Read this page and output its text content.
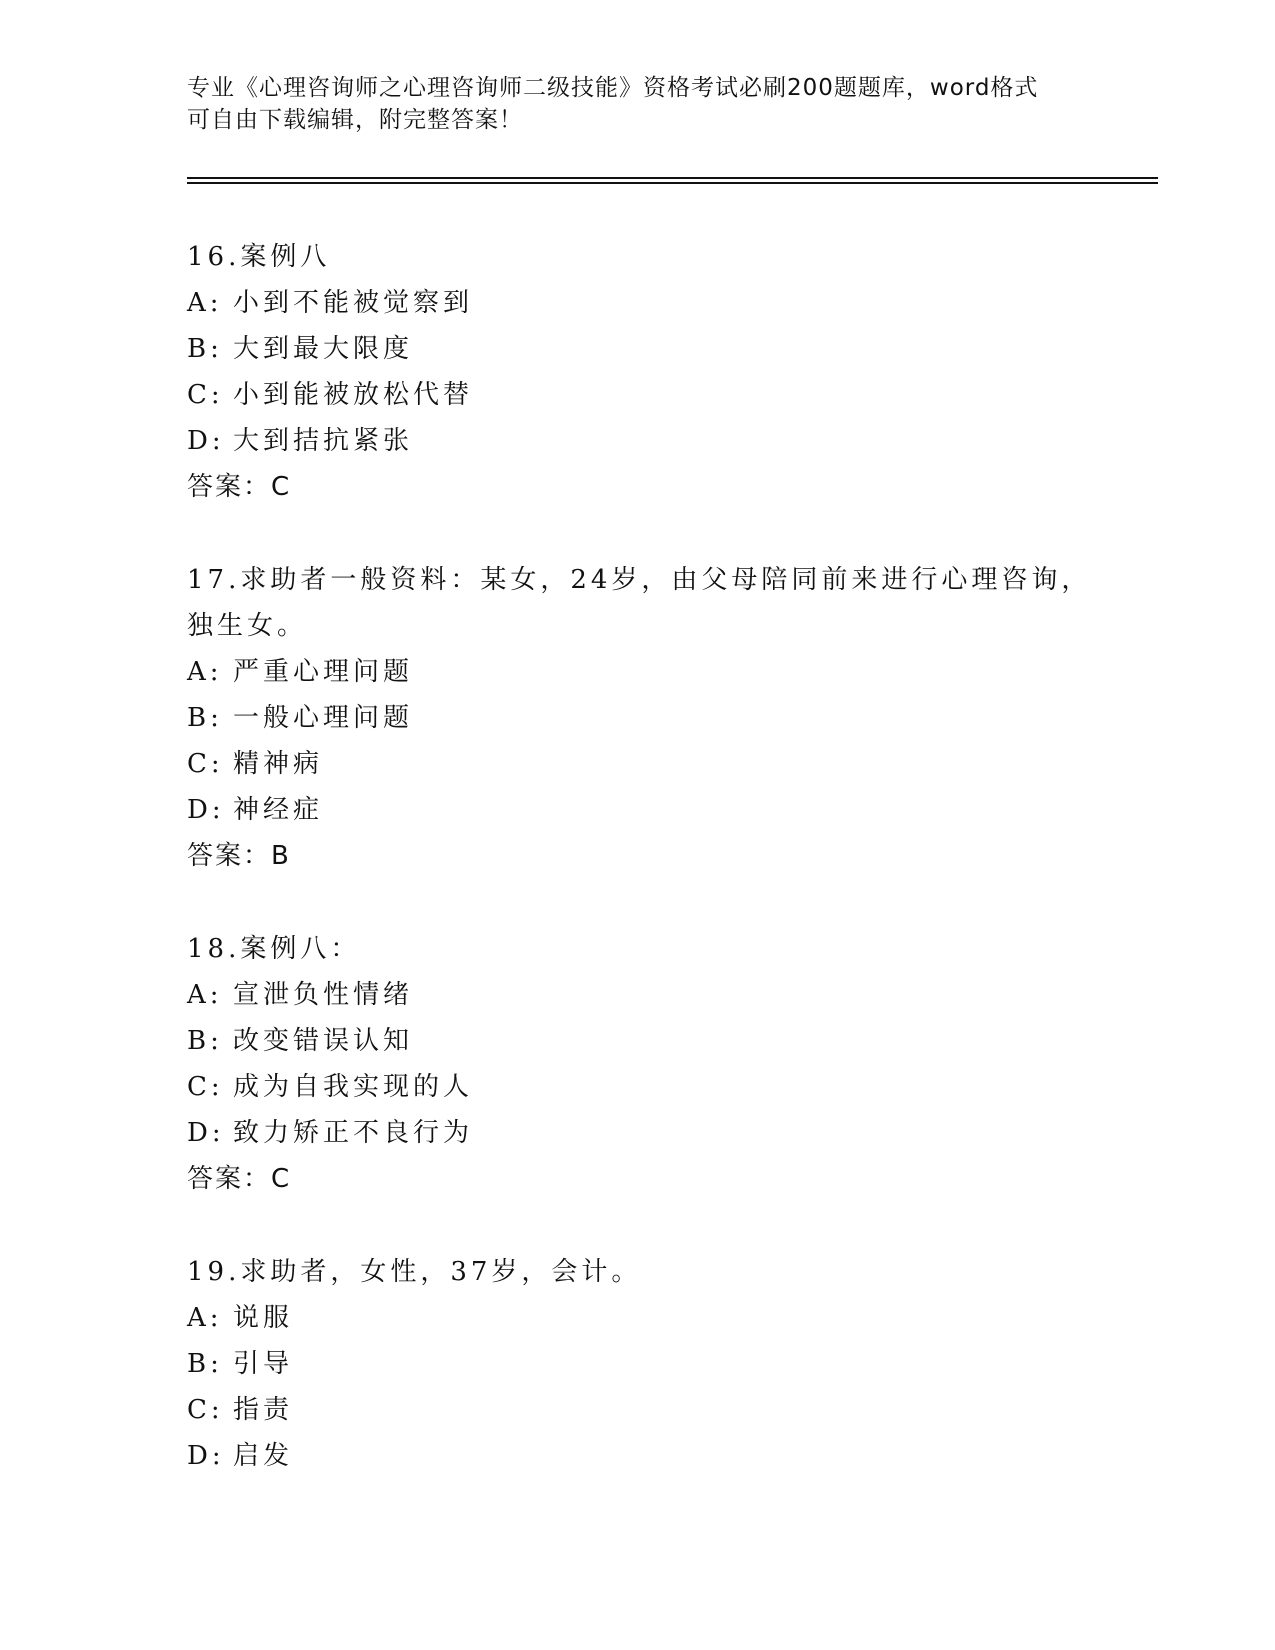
专业《心理咨询师之心理咨询师二级技能》资格考试必刷200题题库，word格式
可自由下载编辑，附完整答案！
16.案例八
A: 小到不能被觉察到
B: 大到最大限度
C: 小到能被放松代替
D: 大到拮抗紧张
答案：C
17.求助者一般资料：某女，24岁，由父母陪同前来进行心理咨询，独生女。
A: 严重心理问题
B: 一般心理问题
C: 精神病
D: 神经症
答案：B
18.案例八：
A: 宣泄负性情绪
B: 改变错误认知
C: 成为自我实现的人
D: 致力矫正不良行为
答案：C
19.求助者，女性，37岁，会计。
A: 说服
B: 引导
C: 指责
D: 启发
